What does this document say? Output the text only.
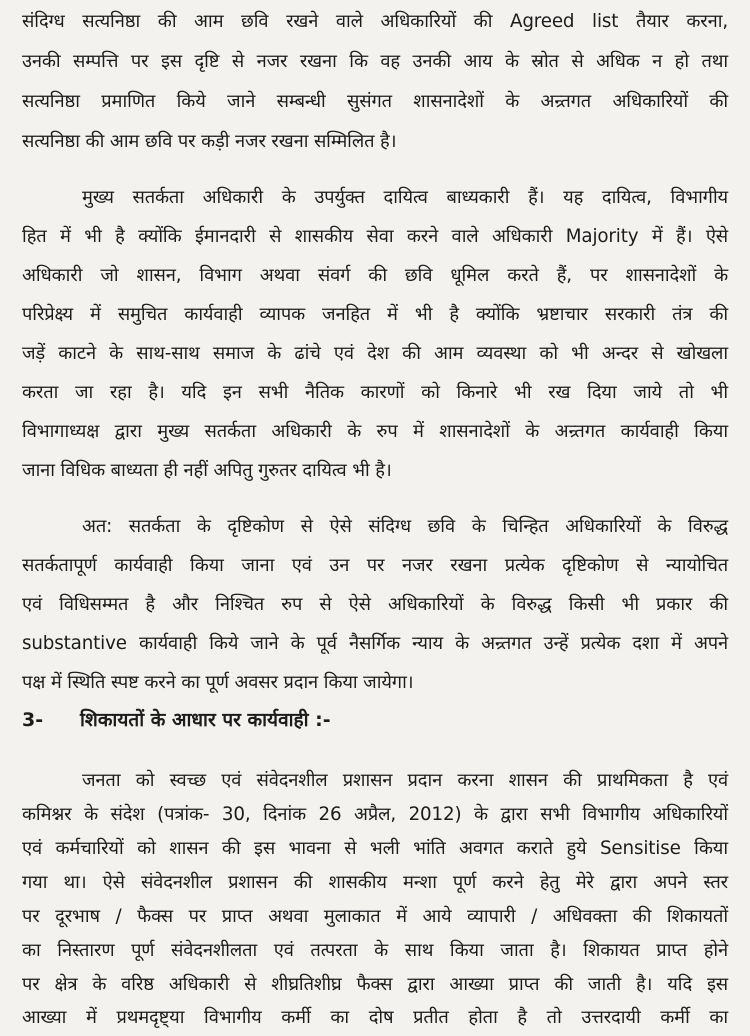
संदिग्ध सत्यनिष्ठा की आम छवि रखने वाले अधिकारियों की Agreed list तैयार करना,
उनकी सम्पत्ति पर इस दृष्टि से नजर रखना कि वह उनकी आय के स्रोत से अधिक न हो तथा
सत्यनिष्ठा प्रमाणित किये जाने सम्बन्धी सुसंगत शासनादेशों के अन्र्तगत अधिकारियों की
सत्यनिष्ठा की आम छवि पर कड़ी नजर रखना सम्मिलित है।
मुख्य सतर्कता अधिकारी के उपर्युक्त दायित्व बाध्यकारी हैं। यह दायित्व, विभागीय
हित में भी है क्योंकि ईमानदारी से शासकीय सेवा करने वाले अधिकारी Majority में हैं। ऐसे
अधिकारी जो शासन, विभाग अथवा संवर्ग की छवि धूमिल करते हैं, पर शासनादेशों के
परिप्रेक्ष्य में समुचित कार्यवाही व्यापक जनहित में भी है क्योंकि भ्रष्टाचार सरकारी तंत्र की
जड़ें काटने के साथ-साथ समाज के ढांचे एवं देश की आम व्यवस्था को भी अन्दर से खोखला
करता जा रहा है। यदि इन सभी नैतिक कारणों को किनारे भी रख दिया जाये तो भी
विभागाध्यक्ष द्वारा मुख्य सतर्कता अधिकारी के रुप में शासनादेशों के अन्र्तगत कार्यवाही किया
जाना विधिक बाध्यता ही नहीं अपितु गुरुतर दायित्व भी है।
अत: सतर्कता के दृष्टिकोण से ऐसे संदिग्ध छवि के चिन्हित अधिकारियों के विरुद्ध
सतर्कतापूर्ण कार्यवाही किया जाना एवं उन पर नजर रखना प्रत्येक दृष्टिकोण से न्यायोचित
एवं विधिसम्मत है और निश्चित रुप से ऐसे अधिकारियों के विरुद्ध किसी भी प्रकार की
substantive कार्यवाही किये जाने के पूर्व नैसर्गिक न्याय के अन्र्तगत उन्हें प्रत्येक दशा में अपने
पक्ष में स्थिति स्पष्ट करने का पूर्ण अवसर प्रदान किया जायेगा।
3- शिकायतों के आधार पर कार्यवाही :-
जनता को स्वच्छ एवं संवेदनशील प्रशासन प्रदान करना शासन की प्राथमिकता है एवं
कमिश्नर के संदेश (पत्रांक- 30, दिनांक 26 अप्रैल, 2012) के द्वारा सभी विभागीय अधिकारियों
एवं कर्मचारियों को शासन की इस भावना से भली भांति अवगत कराते हुये Sensitise किया
गया था। ऐसे संवेदनशील प्रशासन की शासकीय मन्शा पूर्ण करने हेतु मेरे द्वारा अपने स्तर
पर दूरभाष / फैक्स पर प्राप्त अथवा मुलाकात में आये व्यापारी / अधिवक्ता की शिकायतों
का निस्तारण पूर्ण संवेदनशीलता एवं तत्परता के साथ किया जाता है। शिकायत प्राप्त होने
पर क्षेत्र के वरिष्ठ अधिकारी से शीघ्रतिशीघ्र फैक्स द्वारा आख्या प्राप्त की जाती है। यदि इस
आख्या में प्रथमदृष्ट्या विभागीय कर्मी का दोष प्रतीत होता है तो उत्तरदायी कर्मी का
